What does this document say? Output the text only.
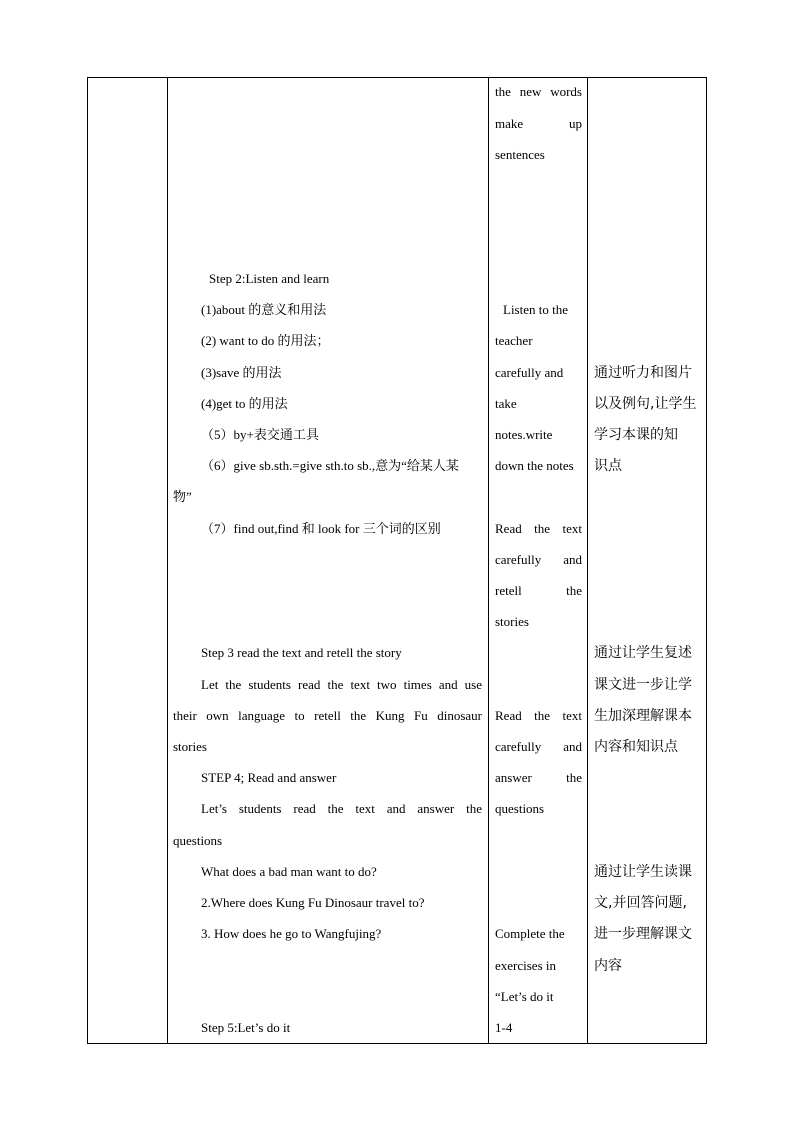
Step 2:Listen and learn
(1)about 的意义和用法
(2) want to do 的用法；
(3)save 的用法
(4)get to 的用法
（5）by+表交通工具
（6）give sb.sth.=give sth.to sb.,意为“给某人某
物”
（7）find out,find 和 look for 三个词的区别
Step 3 read the text and retell the story
Let the students read the text two times and use
their own language to retell the Kung Fu dinosaur
stories
STEP 4; Read and answer
Let’s students read the text and answer the
questions
What does a bad man want to do?
2.Where does Kung Fu Dinosaur travel to?
3. How does he go to Wangfujing?
Step 5:Let’s do it
the new words
make up
sentences
Listen to the
teacher
carefully and
take
notes.write
down the notes
Read the text
carefully and
retell the
stories
Read the text
carefully and
answer the
questions
Complete the
exercises in
“Let’s do it
1-4
通过听力和图片
以及例句,让学生
学习本课的知
识点
通过让学生复述
课文进一步让学
生加深理解课本
内容和知识点
通过让学生读课
文,并回答问题,
进一步理解课文
内容
